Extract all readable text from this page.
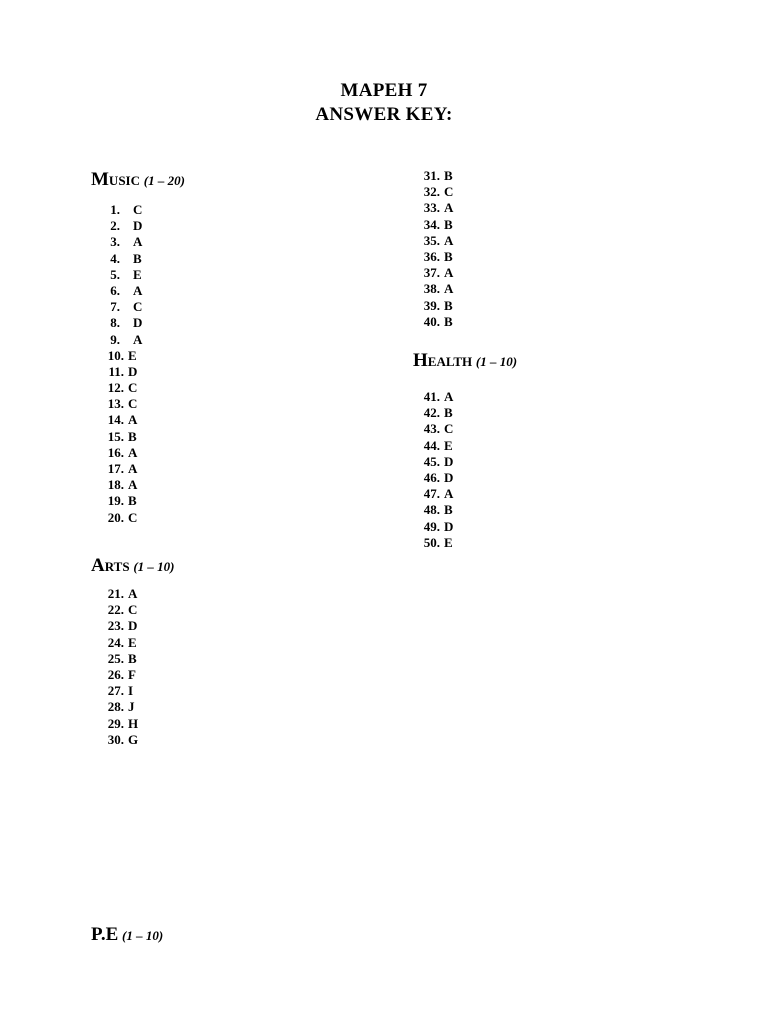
MAPEH 7
ANSWER KEY:
Music (1 – 20)
1. C
2. D
3. A
4. B
5. E
6. A
7. C
8. D
9. A
10. E
11. D
12. C
13. C
14. A
15. B
16. A
17. A
18. A
19. B
20. C
Arts (1 – 10)
21. A
22. C
23. D
24. E
25. B
26. F
27. I
28. J
29. H
30. G
31. B
32. C
33. A
34. B
35. A
36. B
37. A
38. A
39. B
40. B
Health (1 – 10)
41. A
42. B
43. C
44. E
45. D
46. D
47. A
48. B
49. D
50. E
P.E (1 – 10)
